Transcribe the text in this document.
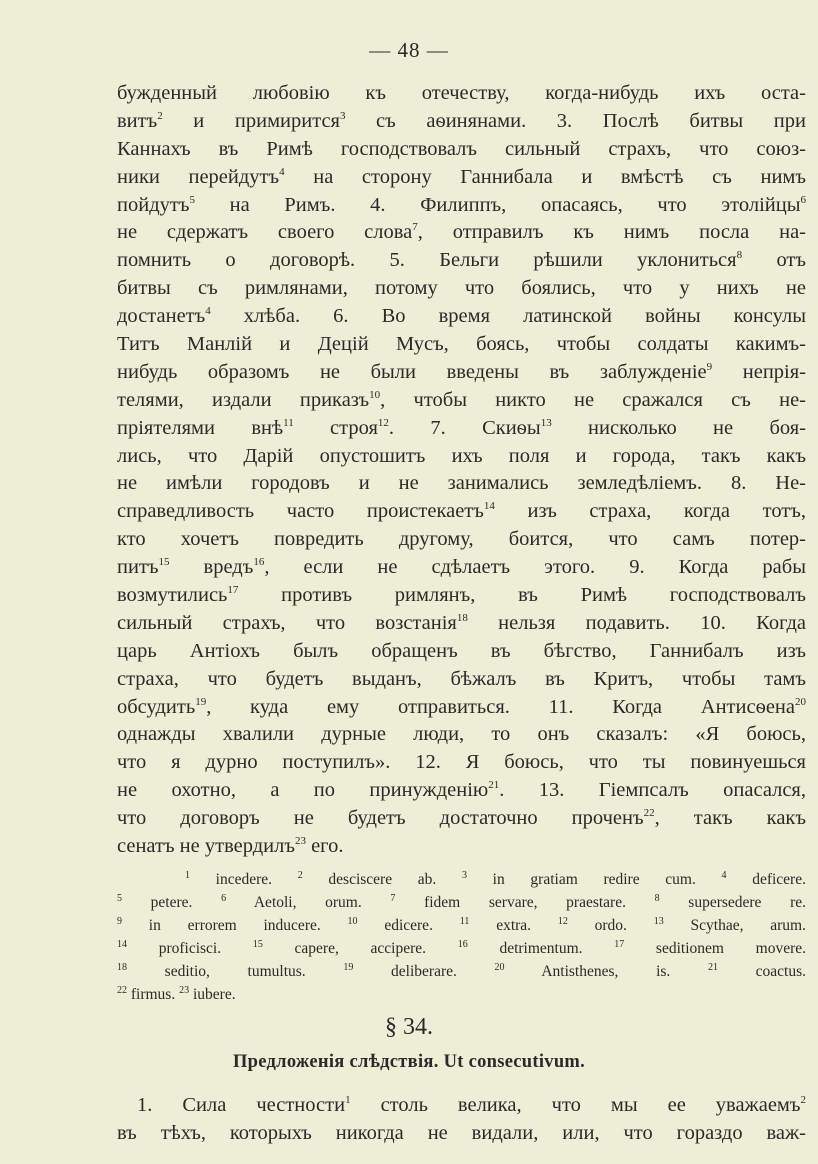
— 48 —
бужденный любовію къ отечеству, когда-нибудь ихъ оста-
витъ$^2$ и примирится$^3$ съ аѳинянами. 3. Послѣ битвы при
Каннахъ въ Римѣ господствовалъ сильный страхъ, что союз-
ники перейдутъ$^4$ на сторону Ганнибала и вмѣстѣ съ нимъ
пойдутъ$^5$ на Римъ. 4. Филиппъ, опасаясь, что этолійцы$^6$
не сдержатъ своего слова$^7$, отправилъ къ нимъ посла на-
помнить о договорѣ. 5. Бельги рѣшили уклониться$^8$ отъ
битвы съ римлянами, потому что боялись, что у нихъ не
достанетъ$^4$ хлѣба. 6. Во время латинской войны консулы
Титъ Манлій и Децій Мусъ, боясь, чтобы солдаты какимъ-
нибудь образомъ не были введены въ заблужденіе$^9$ непрія-
телями, издали приказъ$^{10}$, чтобы никто не сражался съ не-
пріятелями внѣ$^{11}$ строя$^{12}$. 7. Скиѳы$^{13}$ нисколько не боя-
лись, что Дарій опустошитъ ихъ поля и города, такъ какъ
не имѣли городовъ и не занимались земледѣліемъ. 8. Не-
справедливость часто проистекаетъ$^{14}$ изъ страха, когда тотъ,
кто хочетъ повредить другому, боится, что самъ потер-
питъ$^{15}$ вредъ$^{16}$, если не сдѣлаетъ этого. 9. Когда рабы
возмутились$^{17}$ противъ римлянъ, въ Римѣ господствовалъ
сильный страхъ, что возстанія$^{18}$ нельзя подавить. 10. Когда
царь Антіохъ былъ обращенъ въ бѣгство, Ганнибалъ изъ
страха, что будетъ выданъ, бѣжалъ въ Критъ, чтобы тамъ
обсудить$^{19}$, куда ему отправиться. 11. Когда Антисѳена$^{20}$
однажды хвалили дурные люди, то онъ сказалъ: «Я боюсь,
что я дурно поступилъ». 12. Я боюсь, что ты повинуешься
не охотно, а по принужденію$^{21}$. 13. Гіемпсалъ опасался,
что договоръ не будетъ достаточно проченъ$^{22}$, такъ какъ
сенатъ не утвердилъ$^{23}$ его.
$^1$ incedere. $^2$ desciscere ab. $^3$ in gratiam redire cum. $^4$ deficere.
$^5$ petere. $^6$ Aetoli, orum. $^7$ fidem servare, praestare. $^8$ supersedere re.
$^9$ in errorem inducere. $^{10}$ edicere. $^{11}$ extra. $^{12}$ ordo. $^{13}$ Scythae, arum.
$^{14}$ proficisci. $^{15}$ capere, accipere. $^{16}$ detrimentum. $^{17}$ seditionem movere.
$^{18}$ seditio, tumultus. $^{19}$ deliberare. $^{20}$ Antisthenes, is. $^{21}$ coactus.
$^{22}$ firmus. $^{23}$ iubere.
§ 34.
Предложенія слѣдствія. Ut consecutivum.
1. Сила честности$^1$ столь велика, что мы ее уважаемъ$^2$
въ тѣхъ, которыхъ никогда не видали, или, что гораздо важ-
